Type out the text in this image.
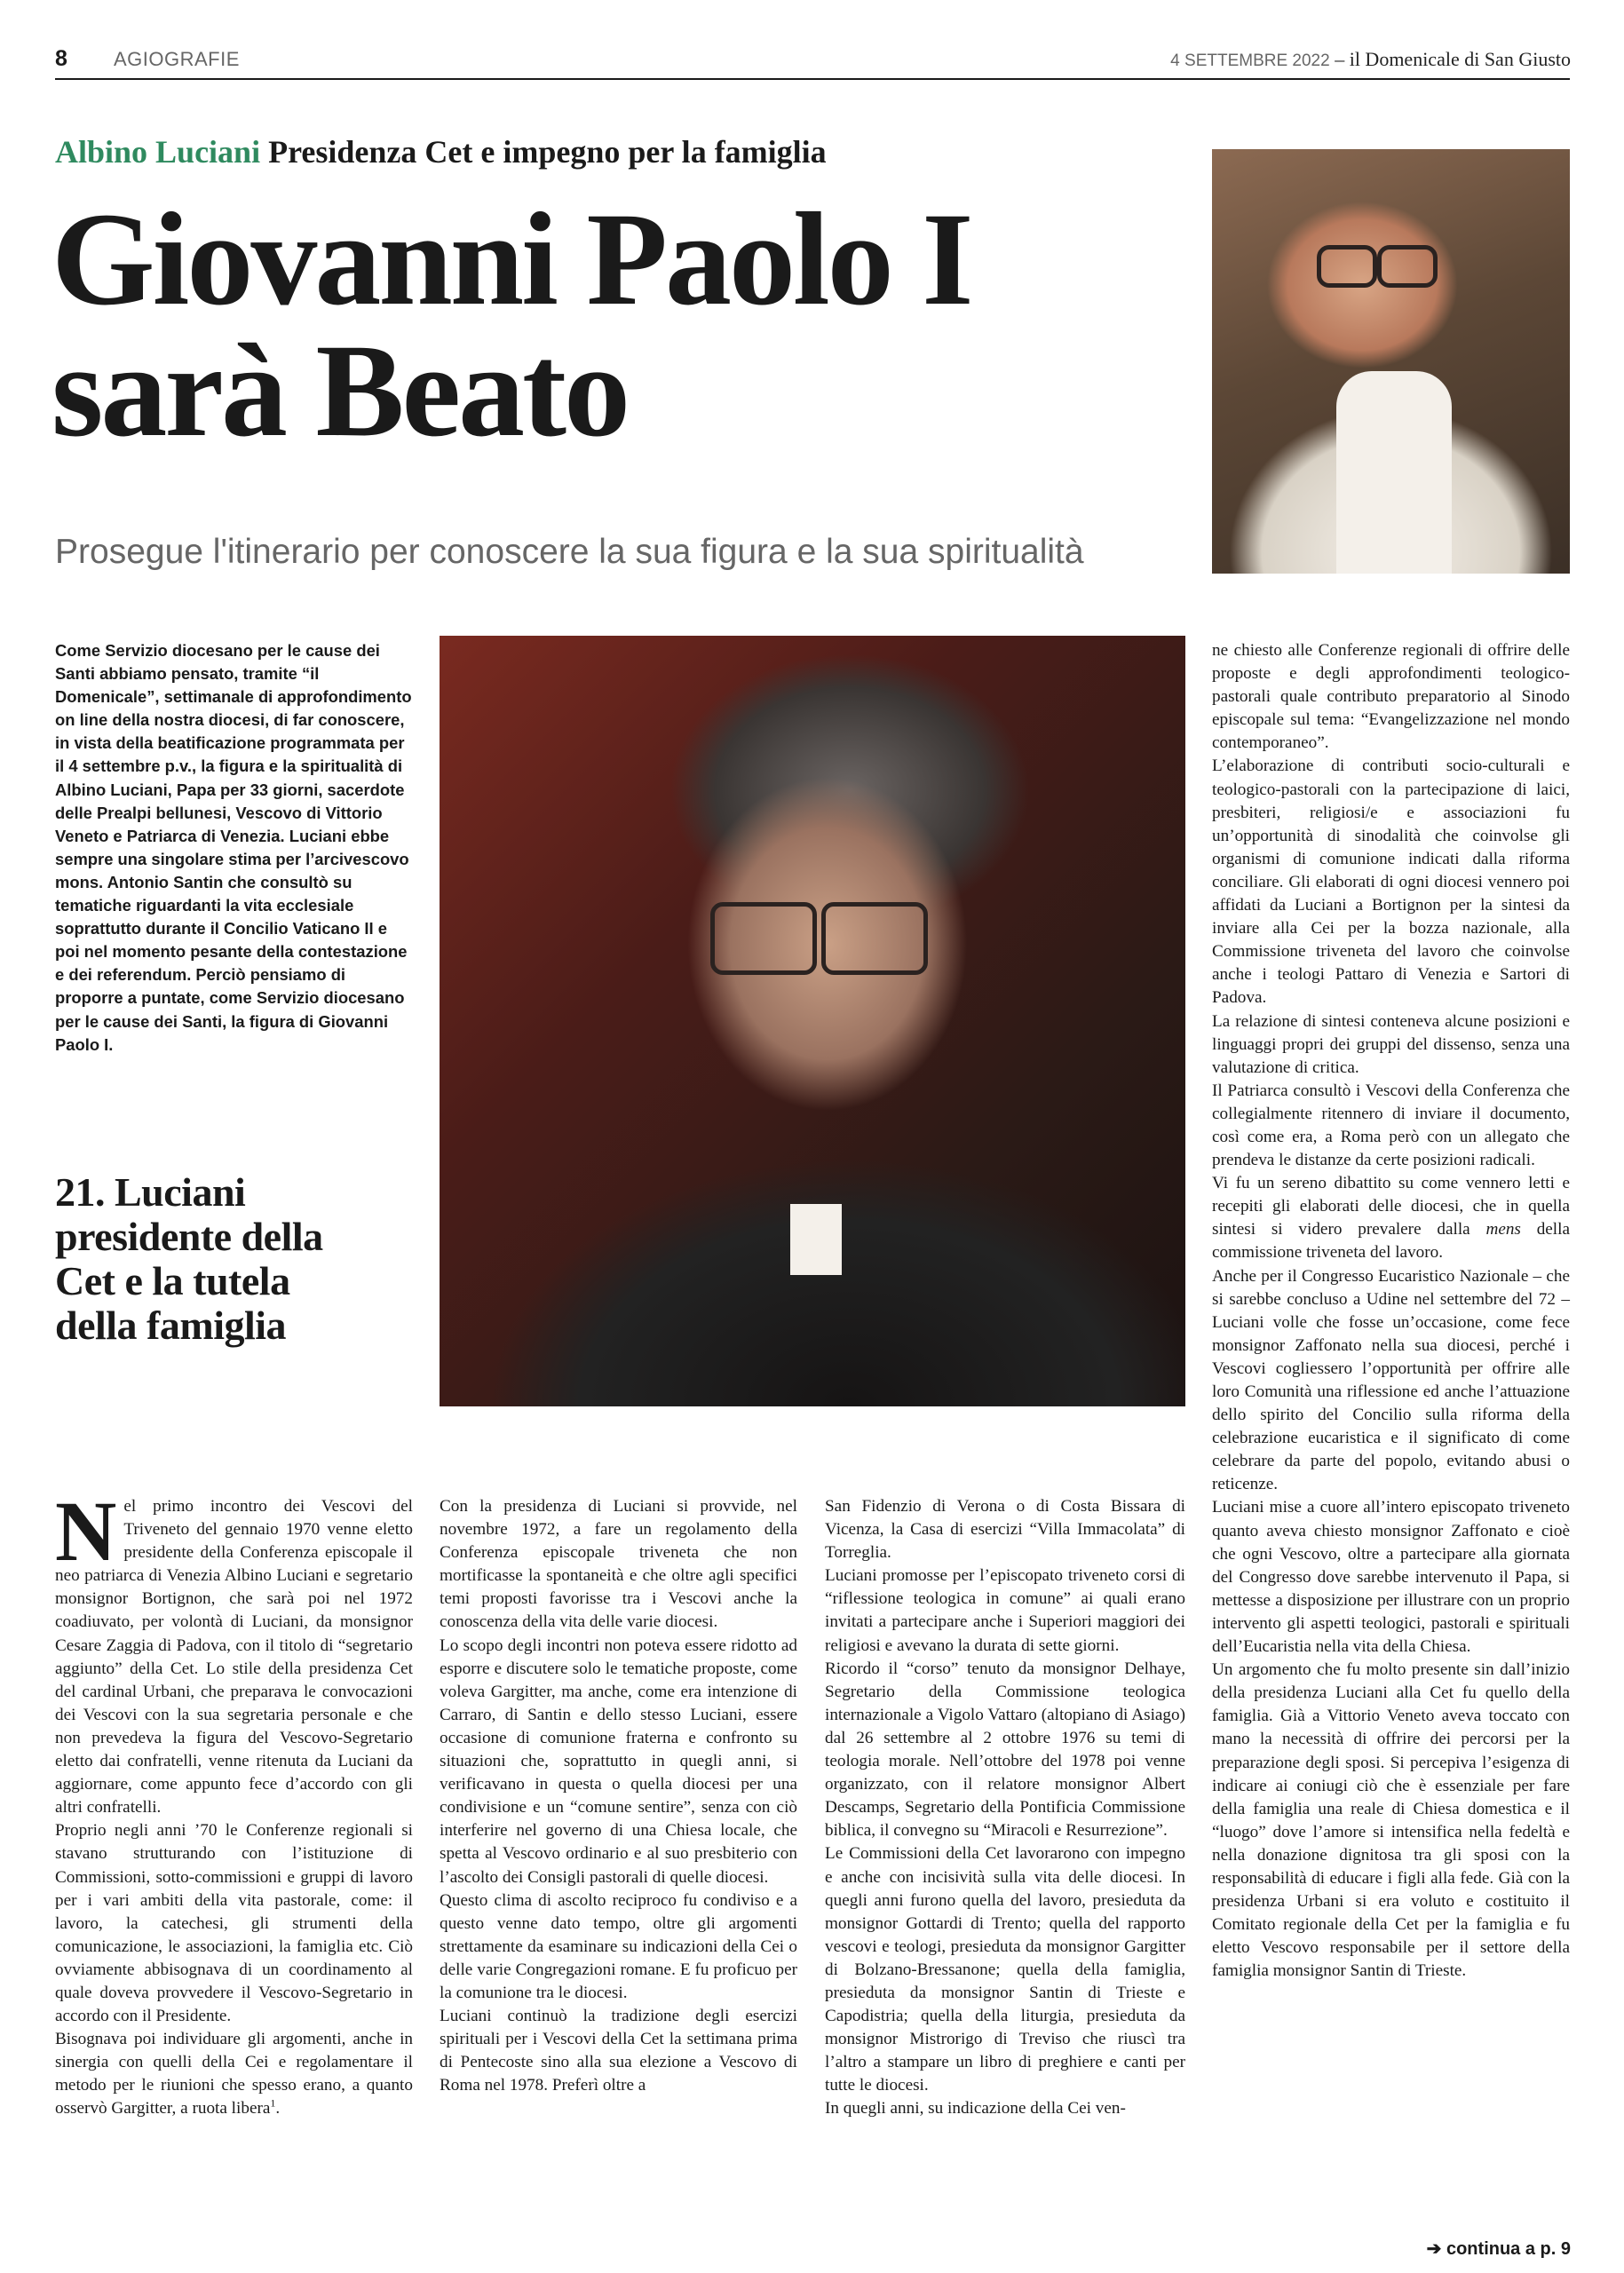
8 AGIOGRAFIE	4 SETTEMBRE 2022 – il Domenicale di San Giusto
Albino Luciani Presidenza Cet e impegno per la famiglia
Giovanni Paolo I
sarà Beato
Prosegue l'itinerario per conoscere la sua figura e la sua spiritualità

Come Servizio diocesano per le cause dei Santi abbiamo pensato, tramite “il Domenicale”, settimanale di approfondimento on line della nostra diocesi, di far conoscere, in vista della beatificazione programmata per il 4 settembre p.v., la figura e la spiritualità di Albino Luciani, Papa per 33 giorni, sacerdote delle Prealpi bellunesi, Vescovo di Vittorio Veneto e Patriarca di Venezia. Luciani ebbe sempre una singolare stima per l’arcivescovo mons. Antonio Santin che consultò su tematiche riguardanti la vita ecclesiale soprattutto durante il Concilio Vaticano II e poi nel momento pesante della contestazione e dei referendum. Perciò pensiamo di proporre a puntate, come Servizio diocesano per le cause dei Santi, la figura di Giovanni Paolo I.

21. Luciani presidente della Cet e la tutela della famiglia

Nel primo incontro dei Vescovi del Triveneto del gennaio 1970 venne eletto presidente della Conferenza episcopale il neo patriarca di Venezia Albino Luciani e segretario monsignor Bortignon, che sarà poi nel 1972 coadiuvato, per volontà di Luciani, da monsignor Cesare Zaggia di Padova, con il titolo di “segretario aggiunto” della Cet. Lo stile della presidenza Cet del cardinal Urbani, che preparava le convocazioni dei Vescovi con la sua segretaria personale e che non prevedeva la figura del Vescovo-Segretario eletto dai confratelli, venne ritenuta da Luciani da aggiornare, come appunto fece d’accordo con gli altri confratelli.

Proprio negli anni ’70 le Conferenze regionali si stavano strutturando con l’istituzione di Commissioni, sotto-commissioni e gruppi di lavoro per i vari ambiti della vita pastorale, come: il lavoro, la catechesi, gli strumenti della comunicazione, le associazioni, la famiglia etc. Ciò ovviamente abbisognava di un coordinamento al quale doveva provvedere il Vescovo-Segretario in accordo con il Presidente.

Bisognava poi individuare gli argomenti, anche in sinergia con quelli della Cei e regolamentare il metodo per le riunioni che spesso erano, a quanto osservò Gargitter, a ruota libera$^1$.

Con la presidenza di Luciani si provvide, nel novembre 1972, a fare un regolamento della Conferenza episcopale triveneta che non mortificasse la spontaneità e che oltre agli specifici temi proposti favorisse tra i Vescovi anche la conoscenza della vita delle varie diocesi.

Lo scopo degli incontri non poteva essere ridotto ad esporre e discutere solo le tematiche proposte, come voleva Gargitter, ma anche, come era intenzione di Carraro, di Santin e dello stesso Luciani, essere occasione di comunione fraterna e confronto su situazioni che, soprattutto in quegli anni, si verificavano in questa o quella diocesi per una condivisione e un “comune sentire”, senza con ciò interferire nel governo di una Chiesa locale, che spetta al Vescovo ordinario e al suo presbiterio con l’ascolto dei Consigli pastorali di quelle diocesi.

Questo clima di ascolto reciproco fu condiviso e a questo venne dato tempo, oltre gli argomenti strettamente da esaminare su indicazioni della Cei o delle varie Congregazioni romane. E fu proficuo per la comunione tra le diocesi.

Luciani continuò la tradizione degli esercizi spirituali per i Vescovi della Cet la settimana prima di Pentecoste sino alla sua elezione a Vescovo di Roma nel 1978. Preferì oltre a

San Fidenzio di Verona o di Costa Bissara di Vicenza, la Casa di esercizi “Villa Immacolata” di Torreglia.

Luciani promosse per l’episcopato triveneto corsi di “riflessione teologica in comune” ai quali erano invitati a partecipare anche i Superiori maggiori dei religiosi e avevano la durata di sette giorni.

Ricordo il “corso” tenuto da monsignor Delhaye, Segretario della Commissione teologica internazionale a Vigolo Vattaro (altopiano di Asiago) dal 26 settembre al 2 ottobre 1976 su temi di teologia morale. Nell’ottobre del 1978 poi venne organizzato, con il relatore monsignor Albert Descamps, Segretario della Pontificia Commissione biblica, il convegno su “Miracoli e Resurrezione”.

Le Commissioni della Cet lavorarono con impegno e anche con incisività sulla vita delle diocesi. In quegli anni furono quella del lavoro, presieduta da monsignor Gottardi di Trento; quella del rapporto vescovi e teologi, presieduta da monsignor Gargitter di Bolzano-Bressanone; quella della famiglia, presieduta da monsignor Santin di Trieste e Capodistria; quella della liturgia, presieduta da monsignor Mistrorigo di Treviso che riuscì tra l’altro a stampare un libro di preghiere e canti per tutte le diocesi.

In quegli anni, su indicazione della Cei ven-

ne chiesto alle Conferenze regionali di offrire delle proposte e degli approfondimenti teologico-pastorali quale contributo preparatorio al Sinodo episcopale sul tema: “Evangelizzazione nel mondo contemporaneo”.

L’elaborazione di contributi socio-culturali e teologico-pastorali con la partecipazione di laici, presbiteri, religiosi/e e associazioni fu un’opportunità di sinodalità che coinvolse gli organismi di comunione indicati dalla riforma conciliare. Gli elaborati di ogni diocesi vennero poi affidati da Luciani a Bortignon per la sintesi da inviare alla Cei per la bozza nazionale, alla Commissione triveneta del lavoro che coinvolse anche i teologi Pattaro di Venezia e Sartori di Padova.

La relazione di sintesi conteneva alcune posizioni e linguaggi propri dei gruppi del dissenso, senza una valutazione di critica.

Il Patriarca consultò i Vescovi della Conferenza che collegialmente ritennero di inviare il documento, così come era, a Roma però con un allegato che prendeva le distanze da certe posizioni radicali.

Vi fu un sereno dibattito su come vennero letti e recepiti gli elaborati delle diocesi, che in quella sintesi si videro prevalere dalla mens della commissione triveneta del lavoro.

Anche per il Congresso Eucaristico Nazionale – che si sarebbe concluso a Udine nel settembre del 72 – Luciani volle che fosse un’occasione, come fece monsignor Zaffonato nella sua diocesi, perché i Vescovi cogliessero l’opportunità per offrire alle loro Comunità una riflessione ed anche l’attuazione dello spirito del Concilio sulla riforma della celebrazione eucaristica e il significato di come celebrare da parte del popolo, evitando abusi o reticenze.

Luciani mise a cuore all’intero episcopato triveneto quanto aveva chiesto monsignor Zaffonato e cioè che ogni Vescovo, oltre a partecipare alla giornata del Congresso dove sarebbe intervenuto il Papa, si mettesse a disposizione per illustrare con un proprio intervento gli aspetti teologici, pastorali e spirituali dell’Eucaristia nella vita della Chiesa.

Un argomento che fu molto presente sin dall’inizio della presidenza Luciani alla Cet fu quello della famiglia. Già a Vittorio Veneto aveva toccato con mano la necessità di offrire dei percorsi per la preparazione degli sposi. Si percepiva l’esigenza di indicare ai coniugi ciò che è essenziale per fare della famiglia una reale di Chiesa domestica e il “luogo” dove l’amore si intensifica nella fedeltà e nella donazione dignitosa tra gli sposi con la responsabilità di educare i figli alla fede. Già con la presidenza Urbani si era voluto e costituito il Comitato regionale della Cet per la famiglia e fu eletto Vescovo responsabile per il settore della famiglia monsignor Santin di Trieste.

➔ continua a p. 9
